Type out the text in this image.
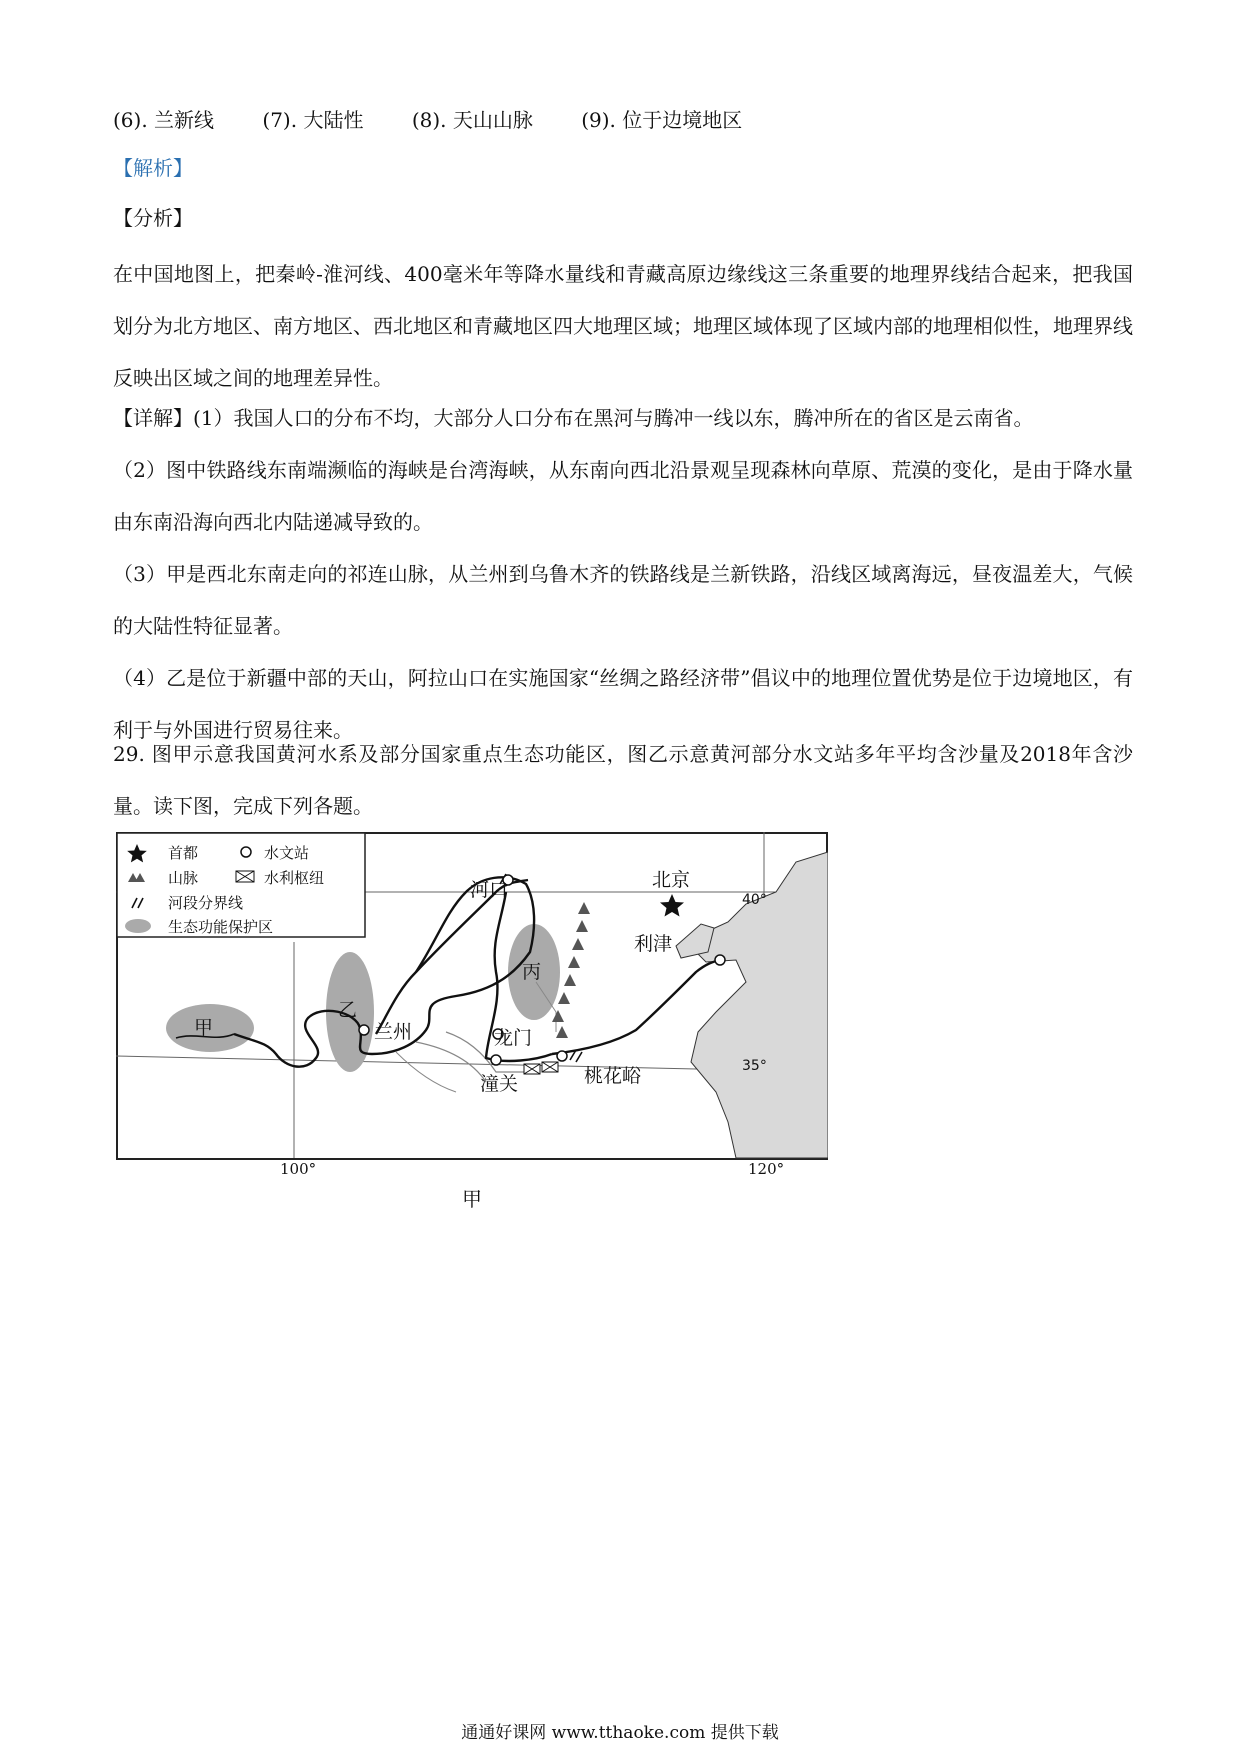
(6). 兰新线 (7). 大陆性 (8). 天山山脉 (9). 位于边境地区
【解析】
【分析】
在中国地图上，把秦岭-淮河线、400毫米年等降水量线和青藏高原边缘线这三条重要的地理界线结合起来，把我国划分为北方地区、南方地区、西北地区和青藏地区四大地理区域；地理区域体现了区域内部的地理相似性，地理界线反映出区域之间的地理差异性。
【详解】(1）我国人口的分布不均，大部分人口分布在黑河与腾冲一线以东，腾冲所在的省区是云南省。
（2）图中铁路线东南端濒临的海峡是台湾海峡，从东南向西北沿景观呈现森林向草原、荒漠的变化，是由于降水量由东南沿海向西北内陆递减导致的。
（3）甲是西北东南走向的祁连山脉，从兰州到乌鲁木齐的铁路线是兰新铁路，沿线区域离海远，昼夜温差大，气候的大陆性特征显著。
（4）乙是位于新疆中部的天山，阿拉山口在实施国家“丝绸之路经济带”倡议中的地理位置优势是位于边境地区，有利于与外国进行贸易往来。
29. 图甲示意我国黄河水系及部分国家重点生态功能区，图乙示意黄河部分水文站多年平均含沙量及2018年含沙量。读下图，完成下列各题。
河口	北京
利津
兰州	龙门
潼关	桃花峪
甲
乙
丙
40°
35°
首都	水文站
山脉	水利枢纽
河段分界线
生态功能保护区
100°	120°
甲
通通好课网 www.tthaoke.com 提供下载
